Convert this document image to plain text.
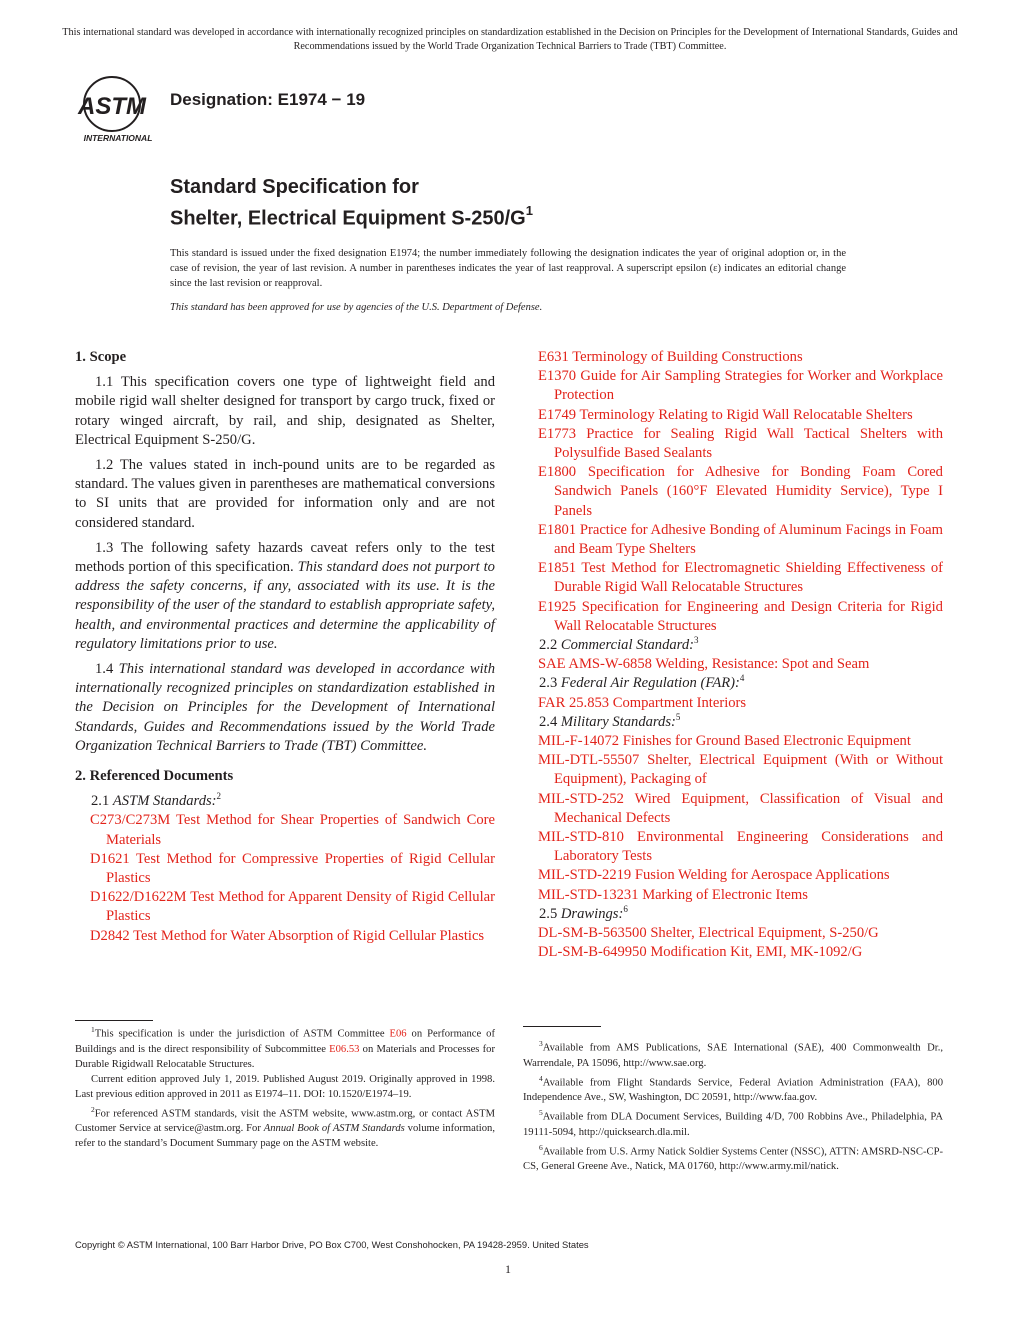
This international standard was developed in accordance with internationally recognized principles on standardization established in the Decision on Principles for the Development of International Standards, Guides and Recommendations issued by the World Trade Organization Technical Barriers to Trade (TBT) Committee.
ASTM
INTERNATIONAL
Designation: E1974 − 19
Standard Specification for
Shelter, Electrical Equipment $S-250/G^1$
This standard is issued under the fixed designation E1974; the number immediately following the designation indicates the year of original adoption or, in the case of revision, the year of last revision. A number in parentheses indicates the year of last reapproval. A superscript epsilon (ε) indicates an editorial change since the last revision or reapproval.
This standard has been approved for use by agencies of the U.S. Department of Defense.

1. Scope

1.1 This specification covers one type of lightweight field and mobile rigid wall shelter designed for transport by cargo truck, fixed or rotary winged aircraft, by rail, and ship, designated as Shelter, Electrical Equipment S-250/G.

1.2 The values stated in inch-pound units are to be regarded as standard. The values given in parentheses are mathematical conversions to SI units that are provided for information only and are not considered standard.

1.3 The following safety hazards caveat refers only to the test methods portion of this specification. This standard does not purport to address the safety concerns, if any, associated with its use. It is the responsibility of the user of the standard to establish appropriate safety, health, and environmental practices and determine the applicability of regulatory limitations prior to use.

1.4 This international standard was developed in accordance with internationally recognized principles on standardization established in the Decision on Principles for the Development of International Standards, Guides and Recommendations issued by the World Trade Organization Technical Barriers to Trade (TBT) Committee.

2. Referenced Documents

2.1 ASTM Standards:$^2$

C273/C273M Test Method for Shear Properties of Sandwich Core Materials

D1621 Test Method for Compressive Properties of Rigid Cellular Plastics

D1622/D1622M Test Method for Apparent Density of Rigid Cellular Plastics

D2842 Test Method for Water Absorption of Rigid Cellular Plastics

E631 Terminology of Building Constructions

E1370 Guide for Air Sampling Strategies for Worker and Workplace Protection

E1749 Terminology Relating to Rigid Wall Relocatable Shelters

E1773 Practice for Sealing Rigid Wall Tactical Shelters with Polysulfide Based Sealants

E1800 Specification for Adhesive for Bonding Foam Cored Sandwich Panels (160°F Elevated Humidity Service), Type I Panels

E1801 Practice for Adhesive Bonding of Aluminum Facings in Foam and Beam Type Shelters

E1851 Test Method for Electromagnetic Shielding Effectiveness of Durable Rigid Wall Relocatable Structures

E1925 Specification for Engineering and Design Criteria for Rigid Wall Relocatable Structures

2.2 Commercial Standard:$^3$

SAE AMS-W-6858 Welding, Resistance: Spot and Seam

2.3 Federal Air Regulation (FAR):$^4$

FAR 25.853 Compartment Interiors

2.4 Military Standards:$^5$

MIL-F-14072 Finishes for Ground Based Electronic Equipment

MIL-DTL-55507 Shelter, Electrical Equipment (With or Without Equipment), Packaging of

MIL-STD-252 Wired Equipment, Classification of Visual and Mechanical Defects

MIL-STD-810 Environmental Engineering Considerations and Laboratory Tests

MIL-STD-2219 Fusion Welding for Aerospace Applications

MIL-STD-13231 Marking of Electronic Items

2.5 Drawings:$^6$

DL-SM-B-563500 Shelter, Electrical Equipment, S-250/G

DL-SM-B-649950 Modification Kit, EMI, MK-1092/G

$^1$This specification is under the jurisdiction of ASTM Committee E06 on Performance of Buildings and is the direct responsibility of Subcommittee E06.53 on Materials and Processes for Durable Rigidwall Relocatable Structures.

Current edition approved July 1, 2019. Published August 2019. Originally approved in 1998. Last previous edition approved in 2011 as E1974–11. DOI: 10.1520/E1974–19.

$^2$For referenced ASTM standards, visit the ASTM website, www.astm.org, or contact ASTM Customer Service at service@astm.org. For Annual Book of ASTM Standards volume information, refer to the standard’s Document Summary page on the ASTM website.

$^3$Available from AMS Publications, SAE International (SAE), 400 Commonwealth Dr., Warrendale, PA 15096, http://www.sae.org.

$^4$Available from Flight Standards Service, Federal Aviation Administration (FAA), 800 Independence Ave., SW, Washington, DC 20591, http://www.faa.gov.

$^5$Available from DLA Document Services, Building 4/D, 700 Robbins Ave., Philadelphia, PA 19111-5094, http://quicksearch.dla.mil.

$^6$Available from U.S. Army Natick Soldier Systems Center (NSSC), ATTN: AMSRD-NSC-CP-CS, General Greene Ave., Natick, MA 01760, http://www.army.mil/natick.

Copyright © ASTM International, 100 Barr Harbor Drive, PO Box C700, West Conshohocken, PA 19428-2959. United States
1
